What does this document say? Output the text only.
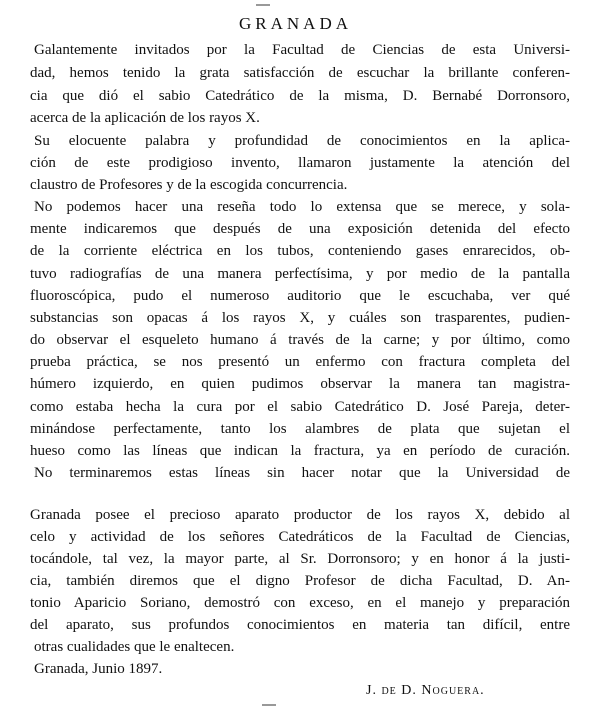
GRANADA
Galantemente invitados por la Facultad de Ciencias de esta Universi-
dad, hemos tenido la grata satisfacción de escuchar la brillante conferen-
cia que dió el sabio Catedrático de la misma, D. Bernabé Dorronsoro,
acerca de la aplicación de los rayos X.
Su elocuente palabra y profundidad de conocimientos en la aplica-
ción de este prodigioso invento, llamaron justamente la atención del
claustro de Profesores y de la escogida concurrencia.
No podemos hacer una reseña todo lo extensa que se merece, y sola-
mente indicaremos que después de una exposición detenida del efecto
de la corriente eléctrica en los tubos, conteniendo gases enrarecidos, ob-
tuvo radiografías de una manera perfectísima, y por medio de la pantalla
fluoroscópica, pudo el numeroso auditorio que le escuchaba, ver qué
substancias son opacas á los rayos X, y cuáles son trasparentes, pudien-
do observar el esqueleto humano á través de la carne; y por último, como
prueba práctica, se nos presentó un enfermo con fractura completa del
húmero izquierdo, en quien pudimos observar la manera tan magistra-
como estaba hecha la cura por el sabio Catedrático D. José Pareja, deter-
minándose perfectamente, tanto los alambres de plata que sujetan el
hueso como las líneas que indican la fractura, ya en período de curación.
No terminaremos estas líneas sin hacer notar que la Universidad de
Granada posee el precioso aparato productor de los rayos X, debido al
celo y actividad de los señores Catedráticos de la Facultad de Ciencias,
tocándole, tal vez, la mayor parte, al Sr. Dorronsoro; y en honor á la justi-
cia, también diremos que el digno Profesor de dicha Facultad, D. An-
tonio Aparicio Soriano, demostró con exceso, en el manejo y preparación
del aparato, sus profundos conocimientos en materia tan difícil, entre
otras cualidades que le enaltecen.
Granada, Junio 1897.
J. de D. Noguera.
